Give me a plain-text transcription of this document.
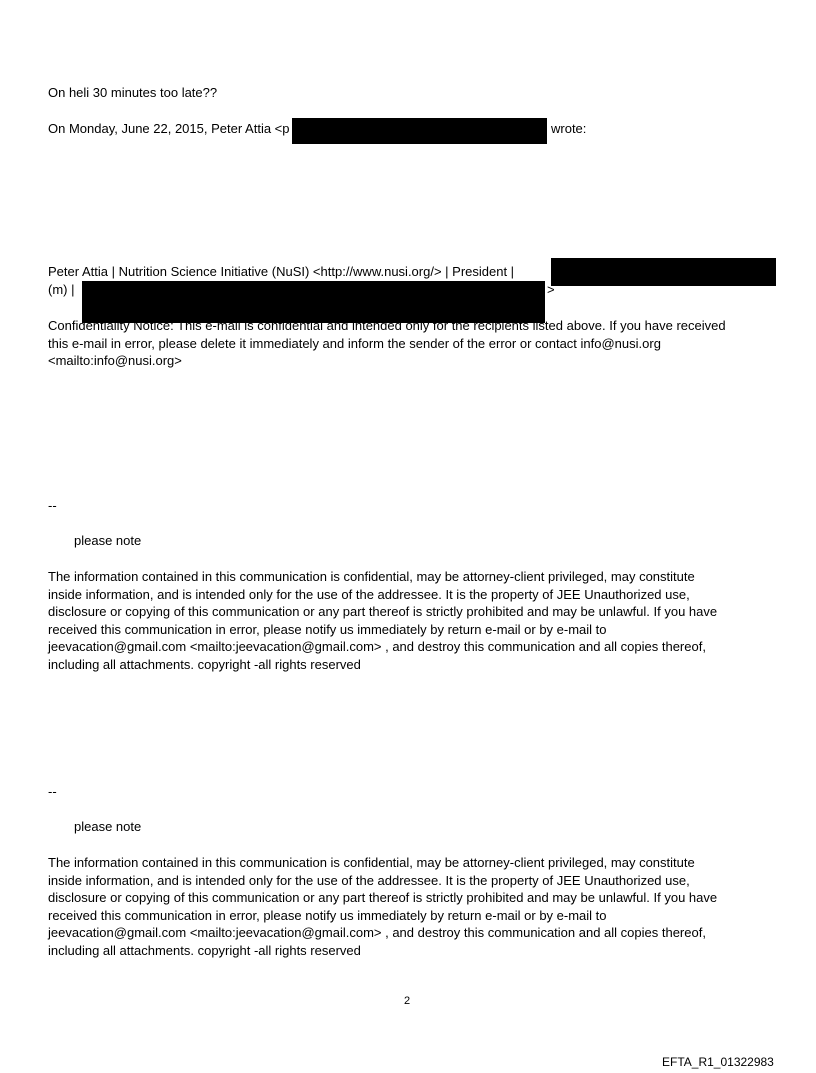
On heli 30 minutes too late??
On Monday, June 22, 2015, Peter Attia <p	wrote:
Peter Attia | Nutrition Science Initiative (NuSI) <http://www.nusi.org/> | President |
(m) |	>
Confidentiality Notice: This e-mail is confidential and intended only for the recipients listed above. If you have received
this e-mail in error, please delete it immediately and inform the sender of the error or contact info@nusi.org
<mailto:info@nusi.org>
--
please note
The information contained in this communication is confidential, may be attorney-client privileged, may constitute
inside information, and is intended only for the use of the addressee. It is the property of JEE Unauthorized use,
disclosure or copying of this communication or any part thereof is strictly prohibited and may be unlawful. If you have
received this communication in error, please notify us immediately by return e-mail or by e-mail to
jeevacation@gmail.com <mailto:jeevacation@gmail.com> , and destroy this communication and all copies thereof,
including all attachments. copyright -all rights reserved
--
please note
The information contained in this communication is confidential, may be attorney-client privileged, may constitute
inside information, and is intended only for the use of the addressee. It is the property of JEE Unauthorized use,
disclosure or copying of this communication or any part thereof is strictly prohibited and may be unlawful. If you have
received this communication in error, please notify us immediately by return e-mail or by e-mail to
jeevacation@gmail.com <mailto:jeevacation@gmail.com> , and destroy this communication and all copies thereof,
including all attachments. copyright -all rights reserved
2
EFTA_R1_01322983
